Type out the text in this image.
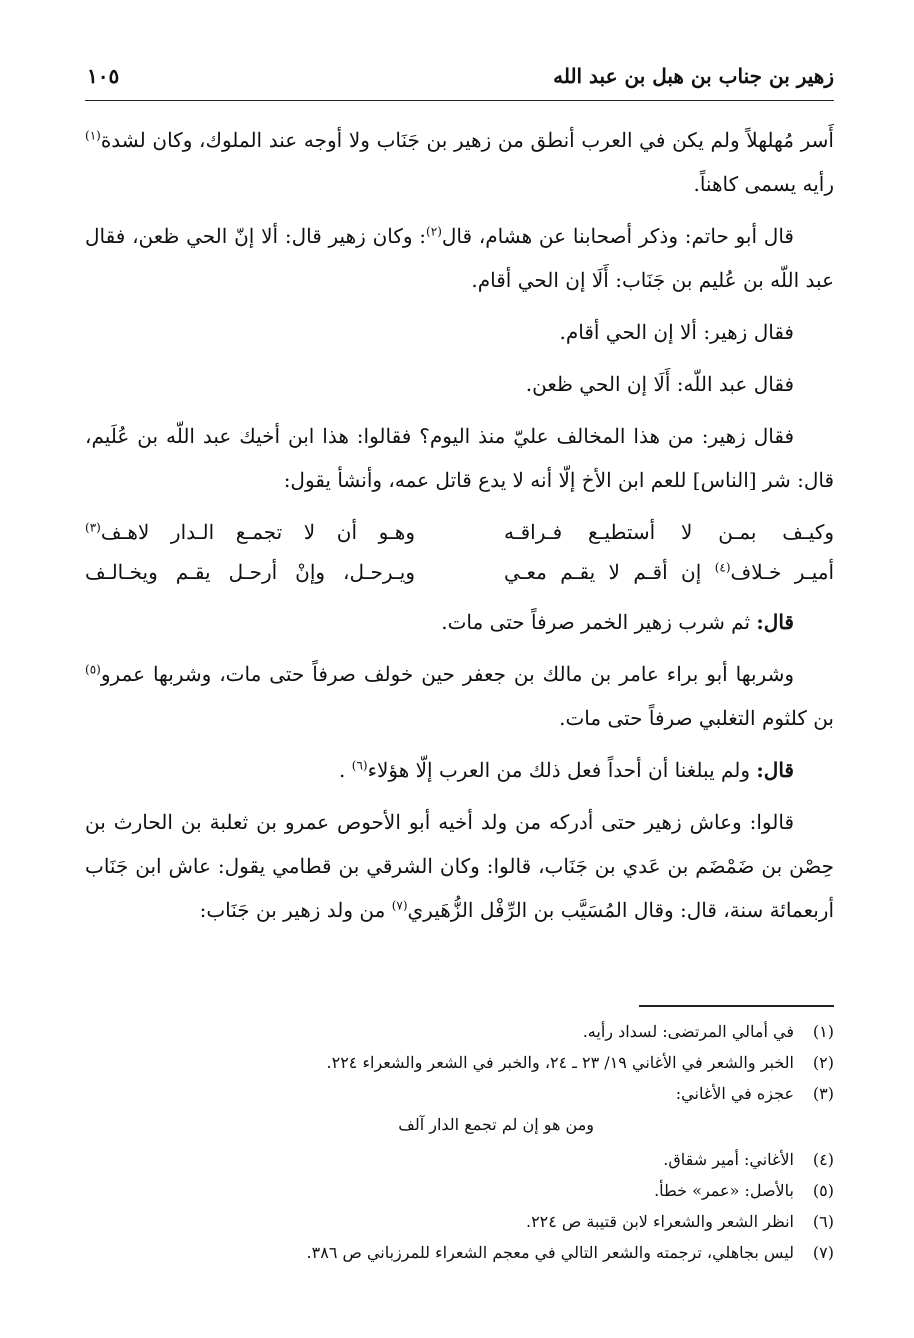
زهير بن جناب بن هبل بن عبد الله
١٠٥

أَسر مُهلهلاً ولم يكن في العرب أنطق من زهير بن جَنَاب ولا أوجه عند الملوك، وكان لشدة$^{(١)}$ رأيه يسمى كاهناً.

قال أبو حاتم: وذكر أصحابنا عن هشام، قال$^{(٢)}$: وكان زهير قال: ألا إنّ الحي ظعن، فقال عبد اللّه بن عُليم بن جَنَاب: أَلَا إن الحي أقام.

فقال زهير: ألا إن الحي أقام.

فقال عبد اللّه: أَلَا إن الحي ظعن.

فقال زهير: من هذا المخالف عليّ منذ اليوم؟ فقالوا: هذا ابن أخيك عبد اللّه بن عُلَيم، قال: شر [الناس] للعم ابن الأخ إلّا أنه لا يدع قاتل عمه، وأنشأ يقول:

وكيـف بمـن لا أستطيـع فـراقـه
وهـو أن لا تجمـع الـدار لاهـف$^{(٣)}$
أميـر خـلاف$^{(٤)}$ إن أقـم لا يقـم معـي
ويـرحـل، وإنْ أرحـل يقـم ويخـالـف

قال: ثم شرب زهير الخمر صرفاً حتى مات.

وشربها أبو براء عامر بن مالك بن جعفر حين خولف صرفاً حتى مات، وشربها عمرو$^{(٥)}$ بن كلثوم التغلبي صرفاً حتى مات.

قال: ولم يبلغنا أن أحداً فعل ذلك من العرب إلّا هؤلاء$^{(٦)}$ .

قالوا: وعاش زهير حتى أدركه من ولد أخيه أبو الأحوص عمرو بن ثعلبة بن الحارث بن حِصْن بن ضَمْضَم بن عَدي بن جَنَاب، قالوا: وكان الشرقي بن قطامي يقول: عاش ابن جَنَاب أربعمائة سنة، قال: وقال المُسَيَّب بن الرِّفْل الزُّهَيري$^{(٧)}$ من ولد زهير بن جَنَاب:

(١)
في أمالي المرتضى: لسداد رأيه.
(٢)
الخبر والشعر في الأغاني ١٩/ ٢٣ ـ ٢٤، والخبر في الشعر والشعراء ٢٢٤.
(٣)
عجزه في الأغاني:
ومن هو إن لم تجمع الدار آلف
(٤)
الأغاني: أمير شقاق.
(٥)
بالأصل: «عمر» خطأ.
(٦)
انظر الشعر والشعراء لابن قتيبة ص ٢٢٤.
(٧)
ليس بجاهلي، ترجمته والشعر التالي في معجم الشعراء للمرزباني ص ٣٨٦.
